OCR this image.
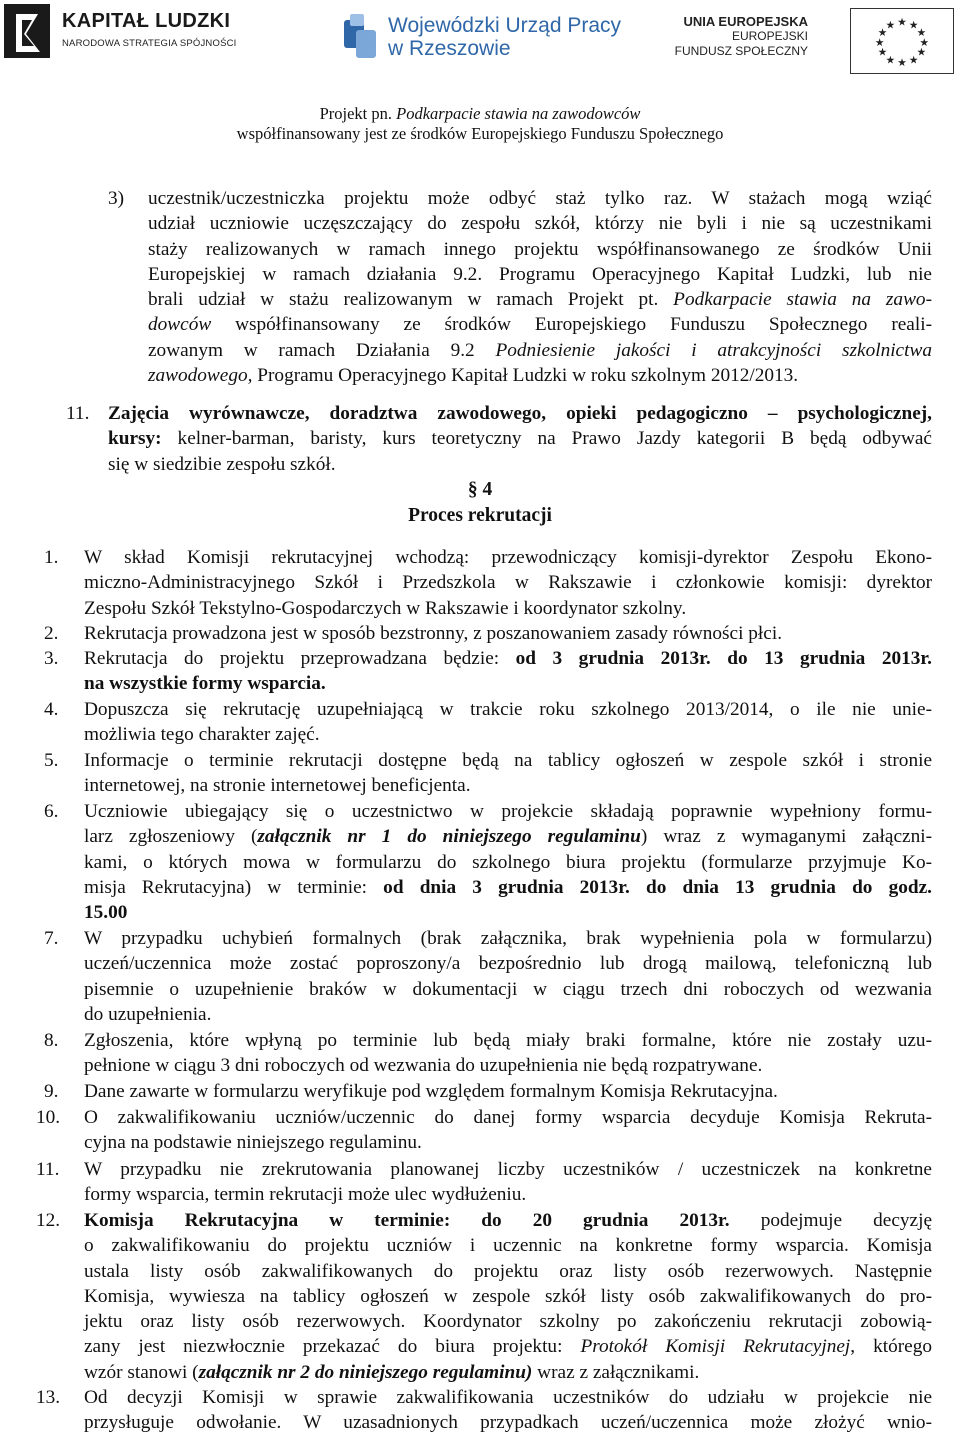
KAPITAŁ LUDZKI
NARODOWA STRATEGIA SPÓJNOŚCI
Wojewódzki Urząd Pracy
w Rzeszowie
UNIA EUROPEJSKA
EUROPEJSKI
FUNDUSZ SPOŁECZNY
★ ★
★
★
★
★
★
★
★
★
★
★
Projekt pn. Podkarpacie stawia na zawodowców
współfinansowany jest ze środków Europejskiego Funduszu Społecznego
3) uczestnik/uczestniczka projektu może odbyć staż tylko raz. W stażach mogą wziąć
udział uczniowie uczęszczający do zespołu szkół, którzy nie byli i nie są uczestnikami
staży realizowanych w ramach innego projektu współfinansowanego ze środków Unii
Europejskiej w ramach działania 9.2. Programu Operacyjnego Kapitał Ludzki, lub nie
brali udział w stażu realizowanym w ramach Projekt pt. Podkarpacie stawia na zawo-
dowców współfinansowany ze środków Europejskiego Funduszu Społecznego reali-
zowanym w ramach Działania 9.2 Podniesienie jakości i atrakcyjności szkolnictwa
zawodowego, Programu Operacyjnego Kapitał Ludzki w roku szkolnym 2012/2013.
11. Zajęcia wyrównawcze, doradztwa zawodowego, opieki pedagogiczno – psychologicznej,
kursy: kelner-barman, baristy, kurs teoretyczny na Prawo Jazdy kategorii B będą odbywać
się w siedzibie zespołu szkół.
§ 4
Proces rekrutacji
1. W skład Komisji rekrutacyjnej wchodzą: przewodniczący komisji-dyrektor Zespołu Ekono-
miczno-Administracyjnego Szkół i Przedszkola w Rakszawie i członkowie komisji: dyrektor
Zespołu Szkół Tekstylno-Gospodarczych w Rakszawie i koordynator szkolny.
2. Rekrutacja prowadzona jest w sposób bezstronny, z poszanowaniem zasady równości płci.
3. Rekrutacja do projektu przeprowadzana będzie: od 3 grudnia 2013r. do 13 grudnia 2013r.
na wszystkie formy wsparcia.
4. Dopuszcza się rekrutację uzupełniającą w trakcie roku szkolnego 2013/2014, o ile nie unie-
możliwia tego charakter zajęć.
5. Informacje o terminie rekrutacji dostępne będą na tablicy ogłoszeń w zespole szkół i stronie
internetowej, na stronie internetowej beneficjenta.
6. Uczniowie ubiegający się o uczestnictwo w projekcie składają poprawnie wypełniony formu-
larz zgłoszeniowy (załącznik nr 1 do niniejszego regulaminu) wraz z wymaganymi załączni-
kami, o których mowa w formularzu do szkolnego biura projektu (formularze przyjmuje Ko-
misja Rekrutacyjna) w terminie: od dnia 3 grudnia 2013r. do dnia 13 grudnia do godz.
15.00
7. W przypadku uchybień formalnych (brak załącznika, brak wypełnienia pola w formularzu)
uczeń/uczennica może zostać poproszony/a bezpośrednio lub drogą mailową, telefoniczną lub
pisemnie o uzupełnienie braków w dokumentacji w ciągu trzech dni roboczych od wezwania
do uzupełnienia.
8. Zgłoszenia, które wpłyną po terminie lub będą miały braki formalne, które nie zostały uzu-
pełnione w ciągu 3 dni roboczych od wezwania do uzupełnienia nie będą rozpatrywane.
9. Dane zawarte w formularzu weryfikuje pod względem formalnym Komisja Rekrutacyjna.
10. O zakwalifikowaniu uczniów/uczennic do danej formy wsparcia decyduje Komisja Rekruta-
cyjna na podstawie niniejszego regulaminu.
11. W przypadku nie zrekrutowania planowanej liczby uczestników / uczestniczek na konkretne
formy wsparcia, termin rekrutacji może ulec wydłużeniu.
12. Komisja Rekrutacyjna w terminie: do 20 grudnia 2013r. podejmuje decyzję
o zakwalifikowaniu do projektu uczniów i uczennic na konkretne formy wsparcia. Komisja
ustala listy osób zakwalifikowanych do projektu oraz listy osób rezerwowych. Następnie
Komisja, wywiesza na tablicy ogłoszeń w zespole szkół listy osób zakwalifikowanych do pro-
jektu oraz listy osób rezerwowych. Koordynator szkolny po zakończeniu rekrutacji zobowią-
zany jest niezwłocznie przekazać do biura projektu: Protokół Komisji Rekrutacyjnej, którego
wzór stanowi (załącznik nr 2 do niniejszego regulaminu) wraz z załącznikami.
13. Od decyzji Komisji w sprawie zakwalifikowania uczestników do udziału w projekcie nie
przysługuje odwołanie. W uzasadnionych przypadkach uczeń/uczennica może złożyć wnio-
